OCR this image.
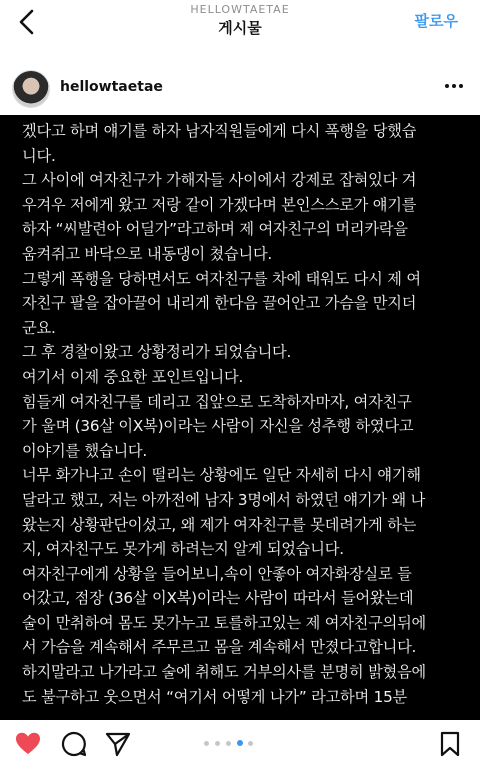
HELLOWTAETAE
게시물	팔로우
hellowtaetae
겠다고 하며 얘기를 하자 남자직원들에게 다시 폭행을 당했습
니다.
그 사이에 여자친구가 가해자들 사이에서 강제로 잡혀있다 겨
우겨우 저에게 왔고 저랑 같이 가겠다며 본인스스로가 얘기를
하자 “씨발련아 어딜가”라고하며 제 여자친구의 머리카락을
움켜쥐고 바닥으로 내동댕이 쳤습니다.
그렇게 폭행을 당하면서도 여자친구를 차에 태워도 다시 제 여
자친구 팔을 잡아끌어 내리게 한다음 끌어안고 가슴을 만지더
군요.
그 후 경찰이왔고 상황정리가 되었습니다.
여기서 이제 중요한 포인트입니다.
힘들게 여자친구를 데리고 집앞으로 도착하자마자, 여자친구
가 울며 (36살 이X복)이라는 사람이 자신을 성추행 하였다고
이야기를 했습니다.
너무 화가나고 손이 떨리는 상황에도 일단 자세히 다시 얘기해
달라고 했고, 저는 아까전에 남자 3명에서 하였던 얘기가 왜 나
왔는지 상황판단이섰고, 왜 제가 여자친구를 못데려가게 하는
지, 여자친구도 못가게 하려는지 알게 되었습니다.
여자친구에게 상황을 들어보니,속이 안좋아 여자화장실로 들
어갔고, 점장 (36살 이X복)이라는 사람이 따라서 들어왔는데
술이 만취하여 몸도 못가누고 토를하고있는 제 여자친구의뒤에
서 가슴을 계속해서 주무르고 몸을 계속해서 만졌다고합니다.
하지말라고 나가라고 술에 취해도 거부의사를 분명히 밝혔음에
도 불구하고 웃으면서 “여기서 어떻게 나가” 라고하며 15분
